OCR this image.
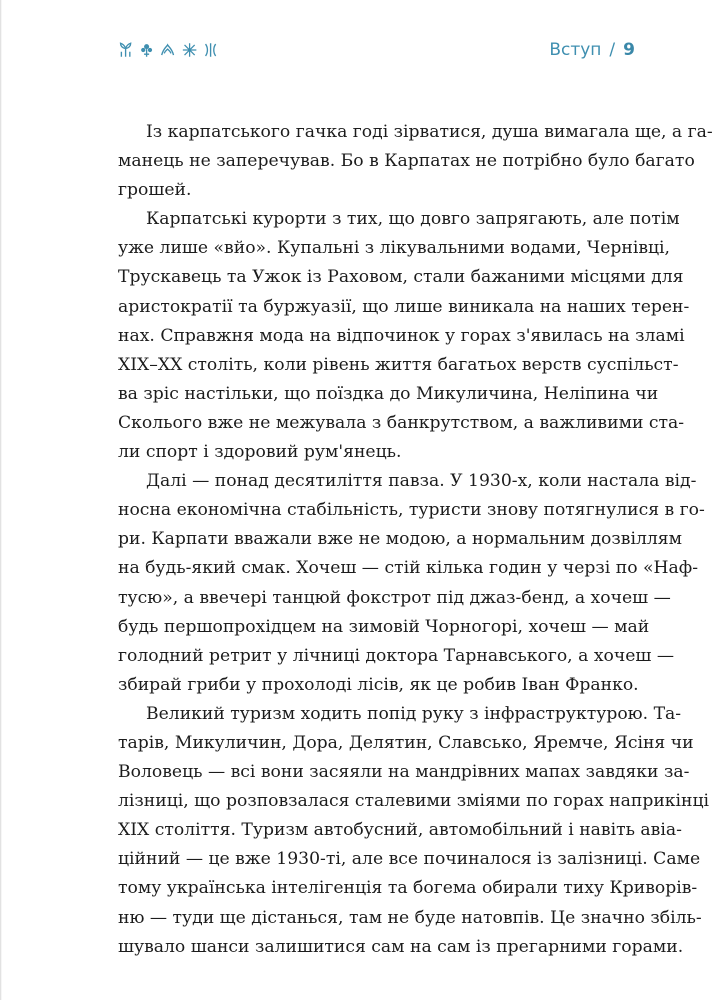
Вступ / 9
Із карпатського гачка годі зірватися, душа вимагала ще, а га-
манець не заперечував. Бо в Карпатах не потрібно було багато
грошей.
Карпатські курорти з тих, що довго запрягають, але потім
уже лише «вйо». Купальні з лікувальними водами, Чернівці,
Трускавець та Ужок із Раховом, стали бажаними місцями для
аристократії та буржуазії, що лише виникала на наших терен-
нах. Справжня мода на відпочинок у горах з'явилась на зламі
XIX–XX століть, коли рівень життя багатьох верств суспільст-
ва зріс настільки, що поїздка до Микуличина, Неліпина чи
Сколього вже не межувала з банкрутством, а важливими ста-
ли спорт і здоровий рум'янець.
Далі — понад десятиліття павза. У 1930-х, коли настала від-
носна економічна стабільність, туристи знову потягнулися в го-
ри. Карпати вважали вже не модою, а нормальним дозвіллям
на будь-який смак. Хочеш — стій кілька годин у черзі по «Наф-
тусю», а ввечері танцюй фокстрот під джаз-бенд, а хочеш —
будь першопрохідцем на зимовій Чорногорі, хочеш — май
голодний ретрит у лічниці доктора Тарнавського, а хочеш —
збирай гриби у прохолоді лісів, як це робив Іван Франко.
Великий туризм ходить попід руку з інфраструктурою. Та-
тарів, Микуличин, Дора, Делятин, Славсько, Яремче, Ясіня чи
Воловець — всі вони засяяли на мандрівних мапах завдяки за-
лізниці, що розповзалася сталевими зміями по горах наприкінці
XIX століття. Туризм автобусний, автомобільний і навіть авіа-
ційний — це вже 1930-ті, але все починалося із залізниці. Саме
тому українська інтелігенція та богема обирали тиху Криворів-
ню — туди ще дістанься, там не буде натовпів. Це значно збіль-
шувало шанси залишитися сам на сам із прегарними горами.
